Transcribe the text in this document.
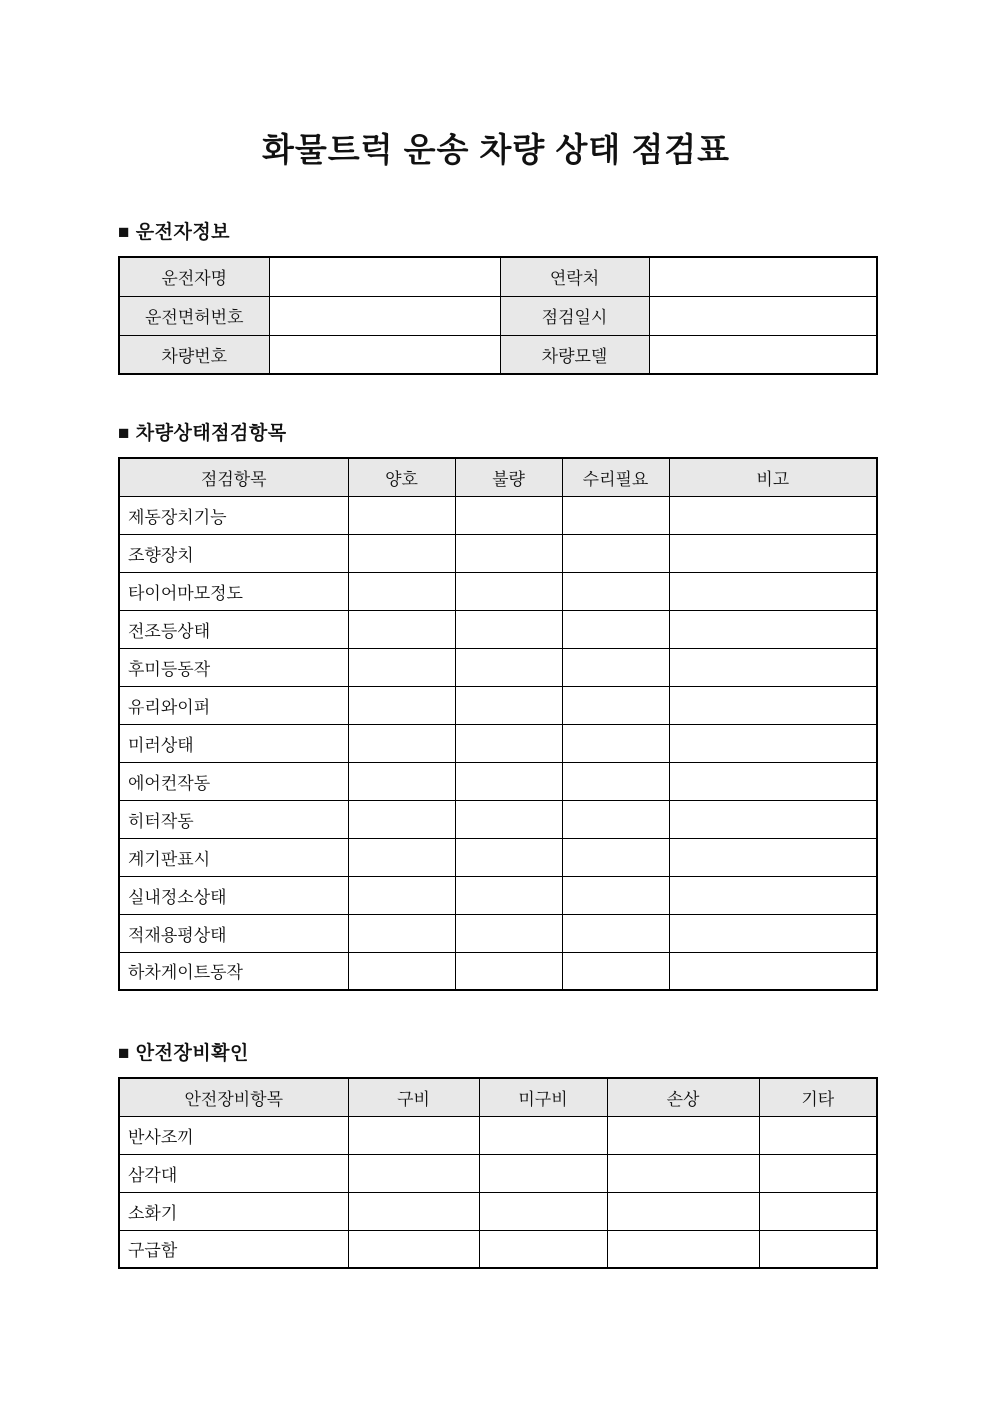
화물트럭 운송 차량 상태 점검표
■ 운전자정보
운전자명		연락처	
운전면허번호		점검일시	
차량번호		차량모델	
■ 차량상태점검항목
점검항목	양호	불량	수리필요	비고
제동장치기능				
조향장치				
타이어마모정도				
전조등상태				
후미등동작				
유리와이퍼				
미러상태				
에어컨작동				
히터작동				
계기판표시				
실내정소상태				
적재용평상태				
하차게이트동작				
■ 안전장비확인
안전장비항목	구비	미구비	손상	기타
반사조끼				
삼각대				
소화기				
구급함				
